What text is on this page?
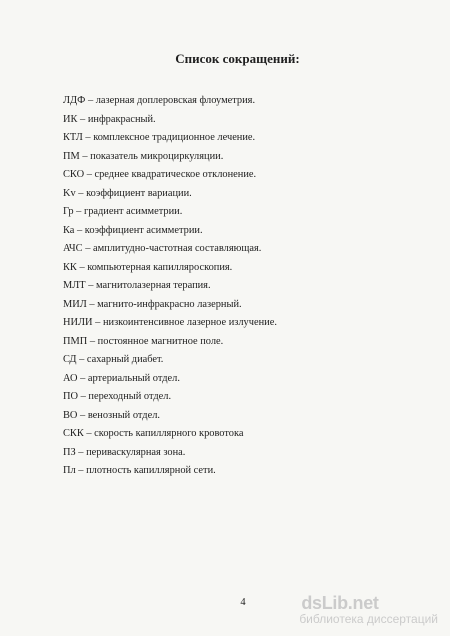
Список сокращений:
ЛДФ – лазерная доплеровская флоуметрия.
ИК – инфракрасный.
КТЛ – комплексное традиционное лечение.
ПМ – показатель микроциркуляции.
СКО – среднее квадратическое отклонение.
Kv – коэффициент вариации.
Гр – градиент асимметрии.
Ка – коэффициент асимметрии.
АЧС – амплитудно-частотная составляющая.
КК – компьютерная капилляроскопия.
МЛТ – магнитолазерная терапия.
МИЛ – магнито-инфракрасно лазерный.
НИЛИ – низкоинтенсивное лазерное излучение.
ПМП – постоянное магнитное поле.
СД – сахарный диабет.
АО – артериальный отдел.
ПО – переходный отдел.
ВО – венозный отдел.
СКК – скорость капиллярного кровотока
ПЗ – периваскулярная зона.
Пл – плотность капиллярной сети.
4	dsLib.net
библиотека диссертаций
